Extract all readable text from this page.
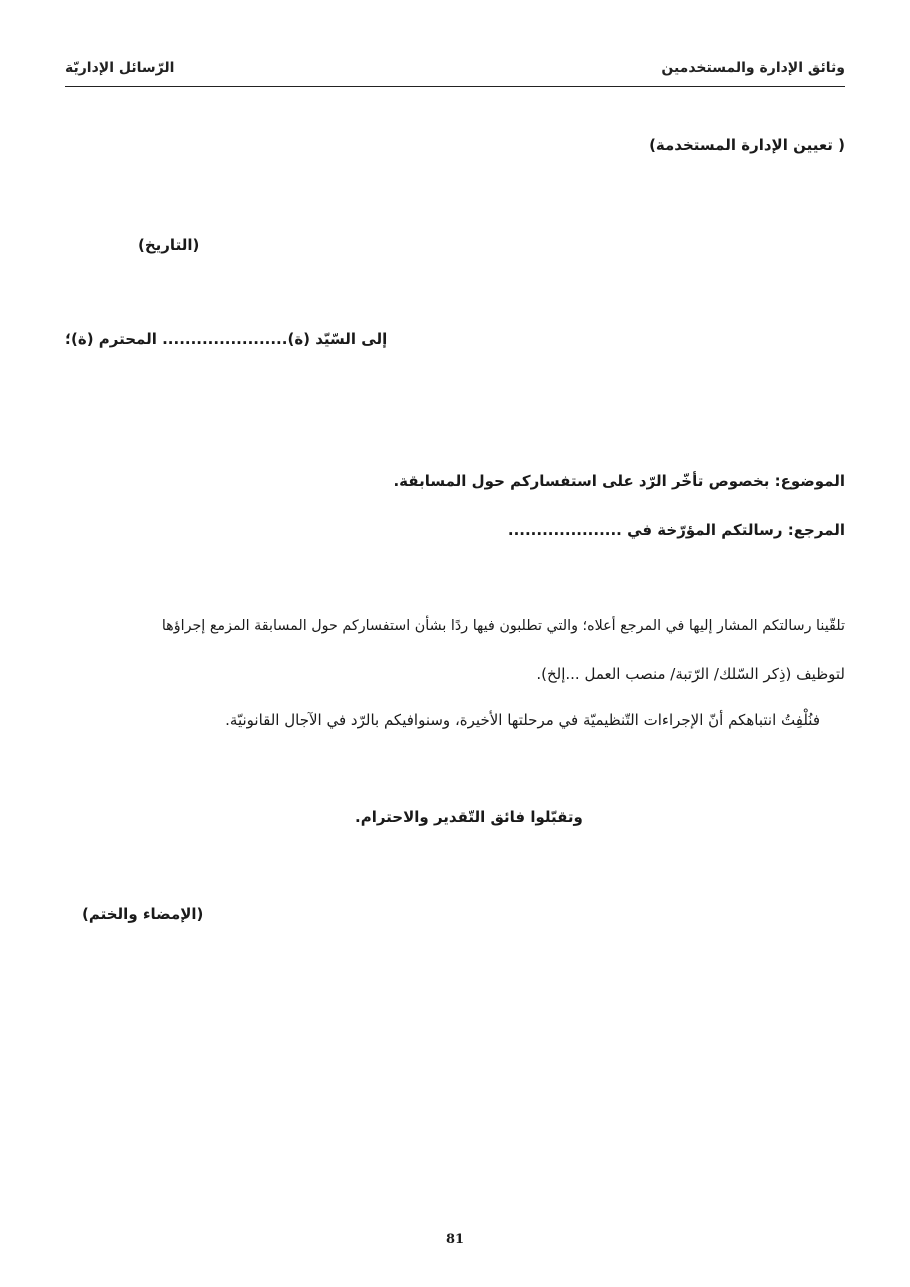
وثائق الإدارة والمستخدمين
الرّسائل الإداريّة
( تعيين الإدارة المستخدمة)
(التاريخ)
إلى السّيّد (ة)...................... المحترم (ة)؛
الموضوع: بخصوص تأخّر الرّد على استفساركم حول المسابقة.
المرجع: رسالتكم المؤرّخة في ....................
تلقّينا رسالتكم المشار إليها في المرجع أعلاه؛ والتي تطلبون فيها ردًا بشأن استفساركم حول المسابقة المزمع إجراؤها
لتوظيف (ذِكر السّلك/ الرّتبة/ منصب العمل ...إلخ).
فنُلْفِتُ انتباهكم أنّ الإجراءات التّنظيميّة في مرحلتها الأخيرة، وسنوافيكم بالرّد في الآجال القانونيّة.
وتقبّلوا فائق التّقدير والاحترام.
(الإمضاء والختم)
81
